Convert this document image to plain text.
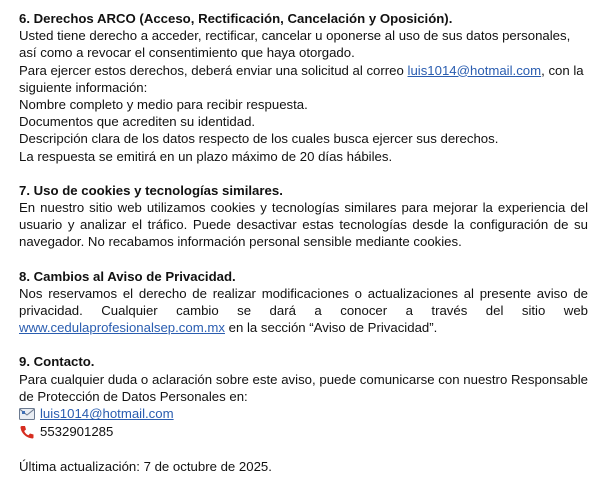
6. Derechos ARCO (Acceso, Rectificación, Cancelación y Oposición).

Usted tiene derecho a acceder, rectificar, cancelar u oponerse al uso de sus datos personales, así como a revocar el consentimiento que haya otorgado.

Para ejercer estos derechos, deberá enviar una solicitud al correo luis1014@hotmail.com, con la siguiente información:

Nombre completo y medio para recibir respuesta.

Documentos que acrediten su identidad.

Descripción clara de los datos respecto de los cuales busca ejercer sus derechos.

La respuesta se emitirá en un plazo máximo de 20 días hábiles.

7. Uso de cookies y tecnologías similares.

En nuestro sitio web utilizamos cookies y tecnologías similares para mejorar la experiencia del usuario y analizar el tráfico. Puede desactivar estas tecnologías desde la configuración de su navegador. No recabamos información personal sensible mediante cookies.

8. Cambios al Aviso de Privacidad.

Nos reservamos el derecho de realizar modificaciones o actualizaciones al presente aviso de privacidad. Cualquier cambio se dará a conocer a través del sitio web www.cedulaprofesionalsep.com.mx en la sección “Aviso de Privacidad”.

9. Contacto.

Para cualquier duda o aclaración sobre este aviso, puede comunicarse con nuestro Responsable de Protección de Datos Personales en:

luis1014@hotmail.com
5532901285

Última actualización: 7 de octubre de 2025.
